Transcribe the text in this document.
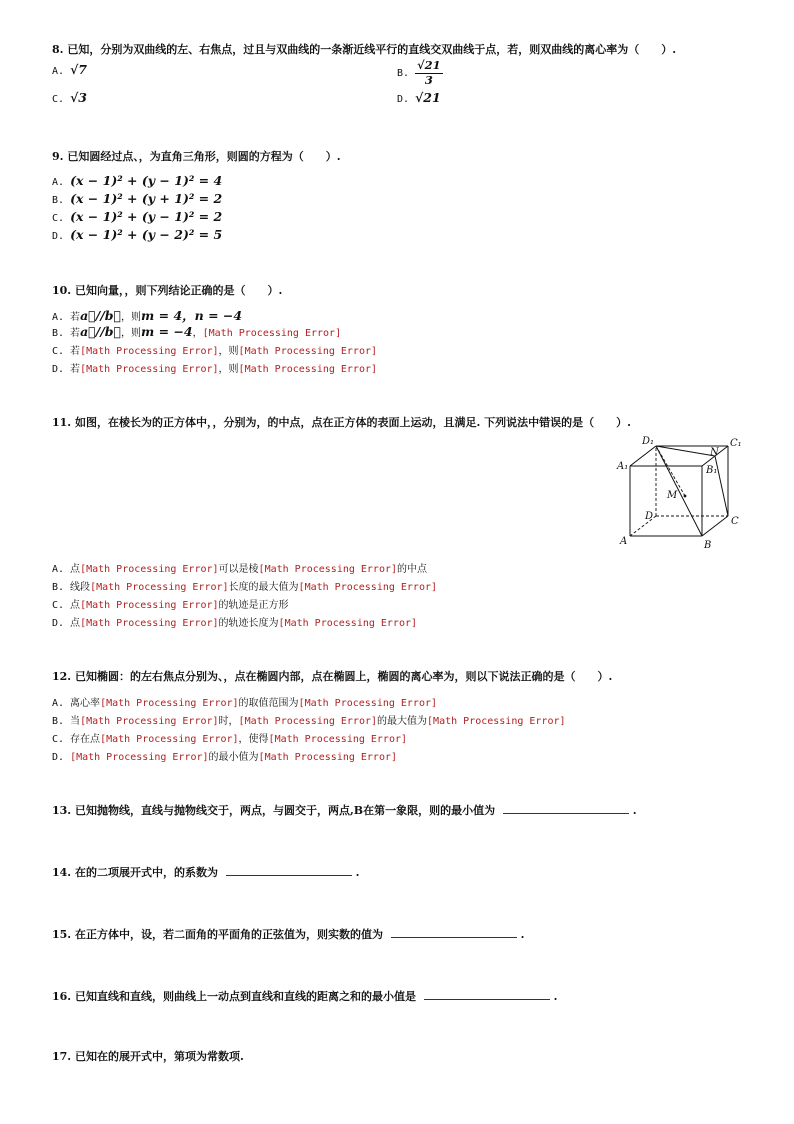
8. 已知，分别为双曲线的左、右焦点，过且与双曲线的一条渐近线平行的直线交双曲线于点，若，则双曲线的离心率为（　　）.
A. √7	B. $\frac{√21}{3}$
C. √3	D. √21
9. 已知圆经过点、，为直角三角形，则圆的方程为（　　）.
A. (x − 1)² + (y − 1)² = 4
B. (x − 1)² + (y + 1)² = 2
C. (x − 1)² + (y − 1)² = 2
D. (x − 1)² + (y − 2)² = 5
10. 已知向量，，则下列结论正确的是（　　）.
A. 若a⃗//b⃗，则m = 4，n = −4
B. 若a⃗//b⃗，则m = −4，[Math Processing Error]
C. 若[Math Processing Error]，则[Math Processing Error]
D. 若[Math Processing Error]，则[Math Processing Error]
11. 如图，在棱长为的正方体中，，分别为，的中点，点在正方体的表面上运动，且满足. 下列说法中错误的是（　　）.
D₁	C₁
N
A₁	B₁
M
D	C
A	B
A. 点[Math Processing Error]可以是棱[Math Processing Error]的中点
B. 线段[Math Processing Error]长度的最大值为[Math Processing Error]
C. 点[Math Processing Error]的轨迹是正方形
D. 点[Math Processing Error]的轨迹长度为[Math Processing Error]
12. 已知椭圆：的左右焦点分别为、，点在椭圆内部，点在椭圆上，椭圆的离心率为，则以下说法正确的是（　　）.
A. 离心率[Math Processing Error]的取值范围为[Math Processing Error]
B. 当[Math Processing Error]时，[Math Processing Error]的最大值为[Math Processing Error]
C. 存在点[Math Processing Error]，使得[Math Processing Error]
D. [Math Processing Error]的最小值为[Math Processing Error]
13. 已知抛物线，直线与抛物线交于，两点，与圆交于，两点,B在第一象限，则的最小值为	.
14. 在的二项展开式中，的系数为	.
15. 在正方体中，设，若二面角的平面角的正弦值为，则实数的值为	.
16. 已知直线和直线，则曲线上一动点到直线和直线的距离之和的最小值是	.
17. 已知在的展开式中，第项为常数项.
